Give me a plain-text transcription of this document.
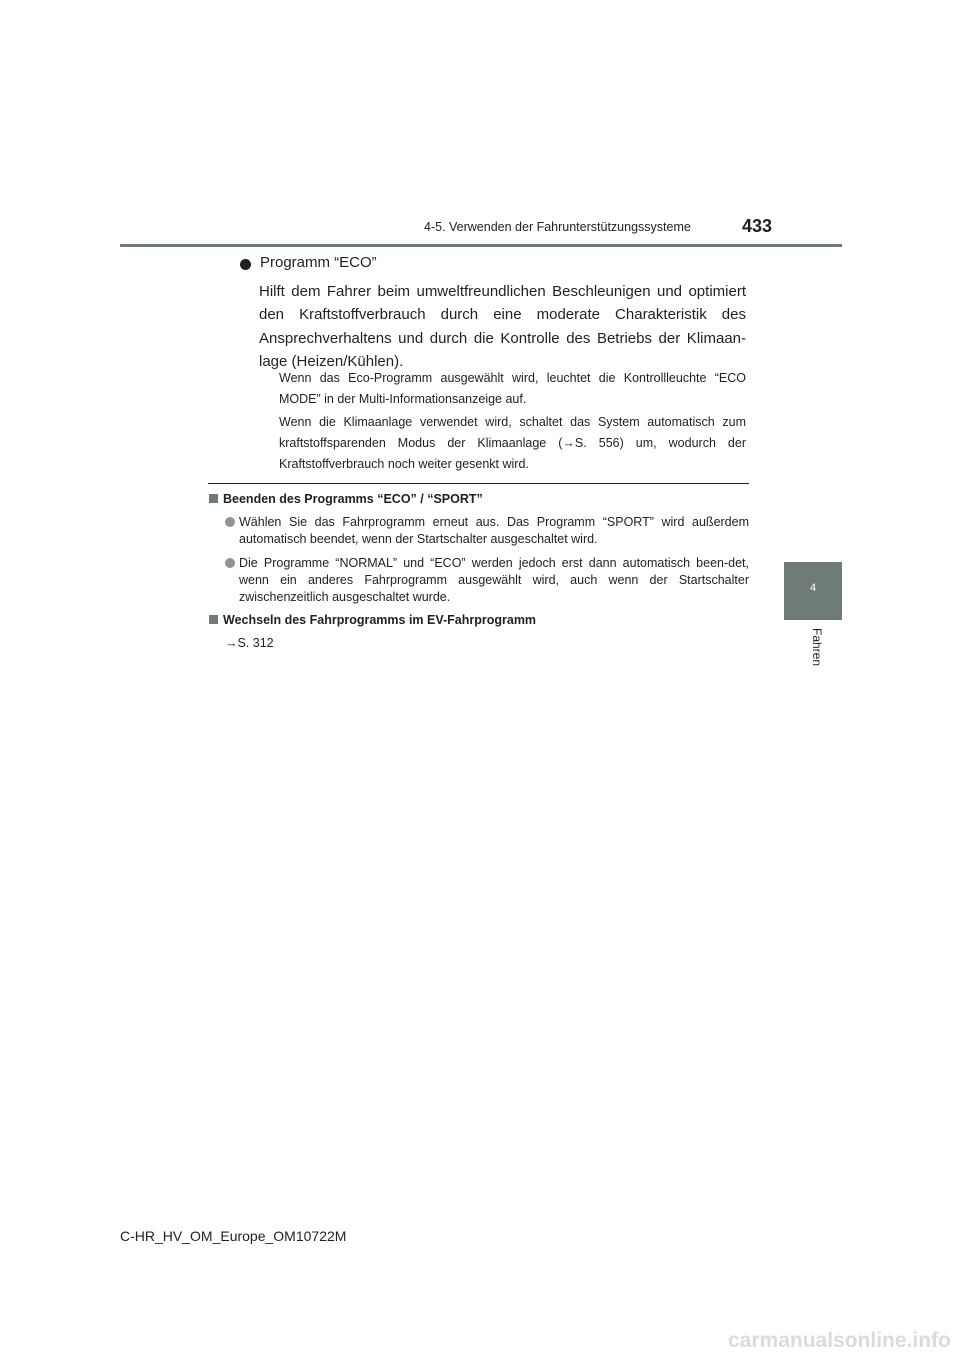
4-5. Verwenden der Fahrunterstützungssysteme	433
4
Fahren
Programm “ECO”
Hilft dem Fahrer beim umweltfreundlichen Beschleunigen und optimiert den Kraftstoffverbrauch durch eine moderate Charakteristik des Ansprechverhaltens und durch die Kontrolle des Betriebs der Klimaan-lage (Heizen/Kühlen).
Wenn das Eco-Programm ausgewählt wird, leuchtet die Kontrollleuchte “ECO MODE” in der Multi-Informationsanzeige auf.
Wenn die Klimaanlage verwendet wird, schaltet das System automatisch zum kraftstoffsparenden Modus der Klimaanlage (→S. 556) um, wodurch der Kraftstoffverbrauch noch weiter gesenkt wird.
Beenden des Programms “ECO” / “SPORT”
Wählen Sie das Fahrprogramm erneut aus. Das Programm “SPORT” wird außerdem automatisch beendet, wenn der Startschalter ausgeschaltet wird.
Die Programme “NORMAL” und “ECO” werden jedoch erst dann automatisch been-det, wenn ein anderes Fahrprogramm ausgewählt wird, auch wenn der Startschalter zwischenzeitlich ausgeschaltet wurde.
Wechseln des Fahrprogramms im EV-Fahrprogramm
→S. 312
C-HR_HV_OM_Europe_OM10722M
carmanualsonline.info
